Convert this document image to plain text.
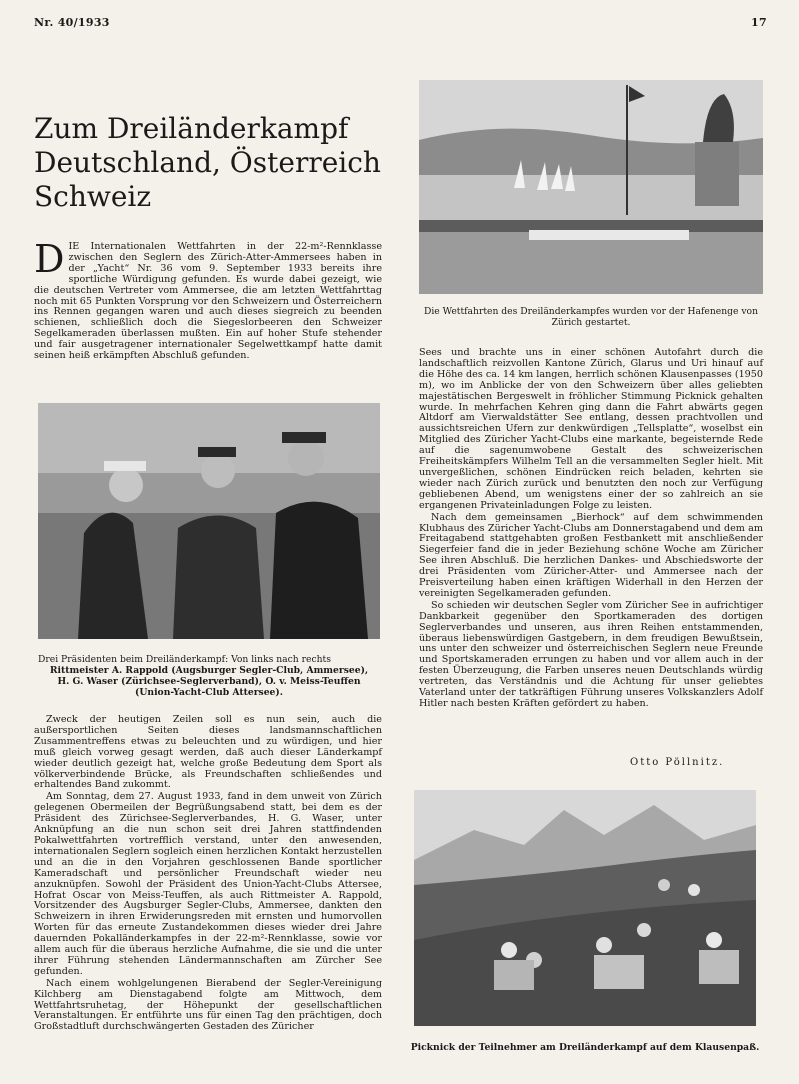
Nr. 40/1933	17
Zum Dreiländerkampf
Deutschland, Österreich
Schweiz

DIE Internationalen Wettfahrten in der 22-m²-Rennklasse zwischen den Seglern des Zürich-Atter-Ammersees haben in der „Yacht“ Nr. 36 vom 9. September 1933 bereits ihre sportliche Würdigung gefunden. Es wurde dabei gezeigt, wie die deutschen Vertreter vom Ammersee, die am letzten Wettfahrttag noch mit 65 Punkten Vorsprung vor den Schweizern und Österreichern ins Rennen gegangen waren und auch dieses siegreich zu beenden schienen, schließlich doch die Siegeslorbeeren den Schweizer Segelkameraden überlassen mußten. Ein auf hoher Stufe stehender und fair ausgetragener internationaler Segelwettkampf hatte damit seinen heiß erkämpften Abschluß gefunden.

Drei Präsidenten beim Dreiländerkampf: Von links nach rechts
Rittmeister A. Rappold (Augsburger Segler-Club, Ammersee),
H. G. Waser (Zürichsee-Seglerverband), O. v. Meiss-Teuffen
(Union-Yacht-Club Attersee).

Zweck der heutigen Zeilen soll es nun sein, auch die außersportlichen Seiten dieses landsmannschaftlichen Zusammentreffens etwas zu beleuchten und zu würdigen, und hier muß gleich vorweg gesagt werden, daß auch dieser Länderkampf wieder deutlich gezeigt hat, welche große Bedeutung dem Sport als völkerverbindende Brücke, als Freundschaften schließendes und erhaltendes Band zukommt.

Am Sonntag, dem 27. August 1933, fand in dem unweit von Zürich gelegenen Obermeilen der Begrüßungsabend statt, bei dem es der Präsident des Zürichsee-Seglerverbandes, H. G. Waser, unter Anknüpfung an die nun schon seit drei Jahren stattfindenden Pokalwettfahrten vortrefflich verstand, unter den anwesenden, internationalen Seglern sogleich einen herzlichen Kontakt herzustellen und an die in den Vorjahren geschlossenen Bande sportlicher Kameradschaft und persönlicher Freundschaft wieder neu anzuknüpfen. Sowohl der Präsident des Union-Yacht-Clubs Attersee, Hofrat Oscar von Meiss-Teuffen, als auch Rittmeister A. Rappold, Vorsitzender des Augsburger Segler-Clubs, Ammersee, dankten den Schweizern in ihren Erwiderungsreden mit ernsten und humorvollen Worten für das erneute Zustandekommen dieses wieder drei Jahre dauernden Pokalländerkampfes in der 22-m²-Rennklasse, sowie vor allem auch für die überaus herzliche Aufnahme, die sie und die unter ihrer Führung stehenden Ländermannschaften am Zürcher See gefunden.

Nach einem wohlgelungenen Bierabend der Segler-Vereinigung Kilchberg am Dienstagabend folgte am Mittwoch, dem Wettfahrtsruhetag, der Höhepunkt der gesellschaftlichen Veranstaltungen. Er entführte uns für einen Tag den prächtigen, doch Großstadtluft durchschwängerten Gestaden des Züricher

Die Wettfahrten des Dreiländerkampfes wurden vor der Hafenenge von Zürich gestartet.

Sees und brachte uns in einer schönen Autofahrt durch die landschaftlich reizvollen Kantone Zürich, Glarus und Uri hinauf auf die Höhe des ca. 14 km langen, herrlich schönen Klausenpasses (1950 m), wo im Anblicke der von den Schweizern über alles geliebten majestätischen Bergeswelt in fröhlicher Stimmung Picknick gehalten wurde. In mehrfachen Kehren ging dann die Fahrt abwärts gegen Altdorf am Vierwaldstätter See entlang, dessen prachtvollen und aussichtsreichen Ufern zur denkwürdigen „Tellsplatte“, woselbst ein Mitglied des Züricher Yacht-Clubs eine markante, begeisternde Rede auf die sagenumwobene Gestalt des schweizerischen Freiheitskämpfers Wilhelm Tell an die versammelten Segler hielt. Mit unvergeßlichen, schönen Eindrücken reich beladen, kehrten sie wieder nach Zürich zurück und benutzten den noch zur Verfügung gebliebenen Abend, um wenigstens einer der so zahlreich an sie ergangenen Privateinladungen Folge zu leisten.

Nach dem gemeinsamen „Bierhock“ auf dem schwimmenden Klubhaus des Züricher Yacht-Clubs am Donnerstagabend und dem am Freitagabend stattgehabten großen Festbankett mit anschließender Siegerfeier fand die in jeder Beziehung schöne Woche am Züricher See ihren Abschluß. Die herzlichen Dankes- und Abschiedsworte der drei Präsidenten vom Züricher-Atter- und Ammersee nach der Preisverteilung haben einen kräftigen Widerhall in den Herzen der vereinigten Segelkameraden gefunden.

So schieden wir deutschen Segler vom Züricher See in aufrichtiger Dankbarkeit gegenüber den Sportkameraden des dortigen Seglerverbandes und unseren, aus ihren Reihen entstammenden, überaus liebenswürdigen Gastgebern, in dem freudigen Bewußtsein, uns unter den schweizer und österreichischen Seglern neue Freunde und Sportskameraden errungen zu haben und vor allem auch in der festen Überzeugung, die Farben unseres neuen Deutschlands würdig vertreten, das Verständnis und die Achtung für unser geliebtes Vaterland unter der tatkräftigen Führung unseres Volkskanzlers Adolf Hitler nach besten Kräften gefördert zu haben.

Otto Pöllnitz.
Picknick der Teilnehmer am Dreiländerkampf auf dem Klausenpaß.
